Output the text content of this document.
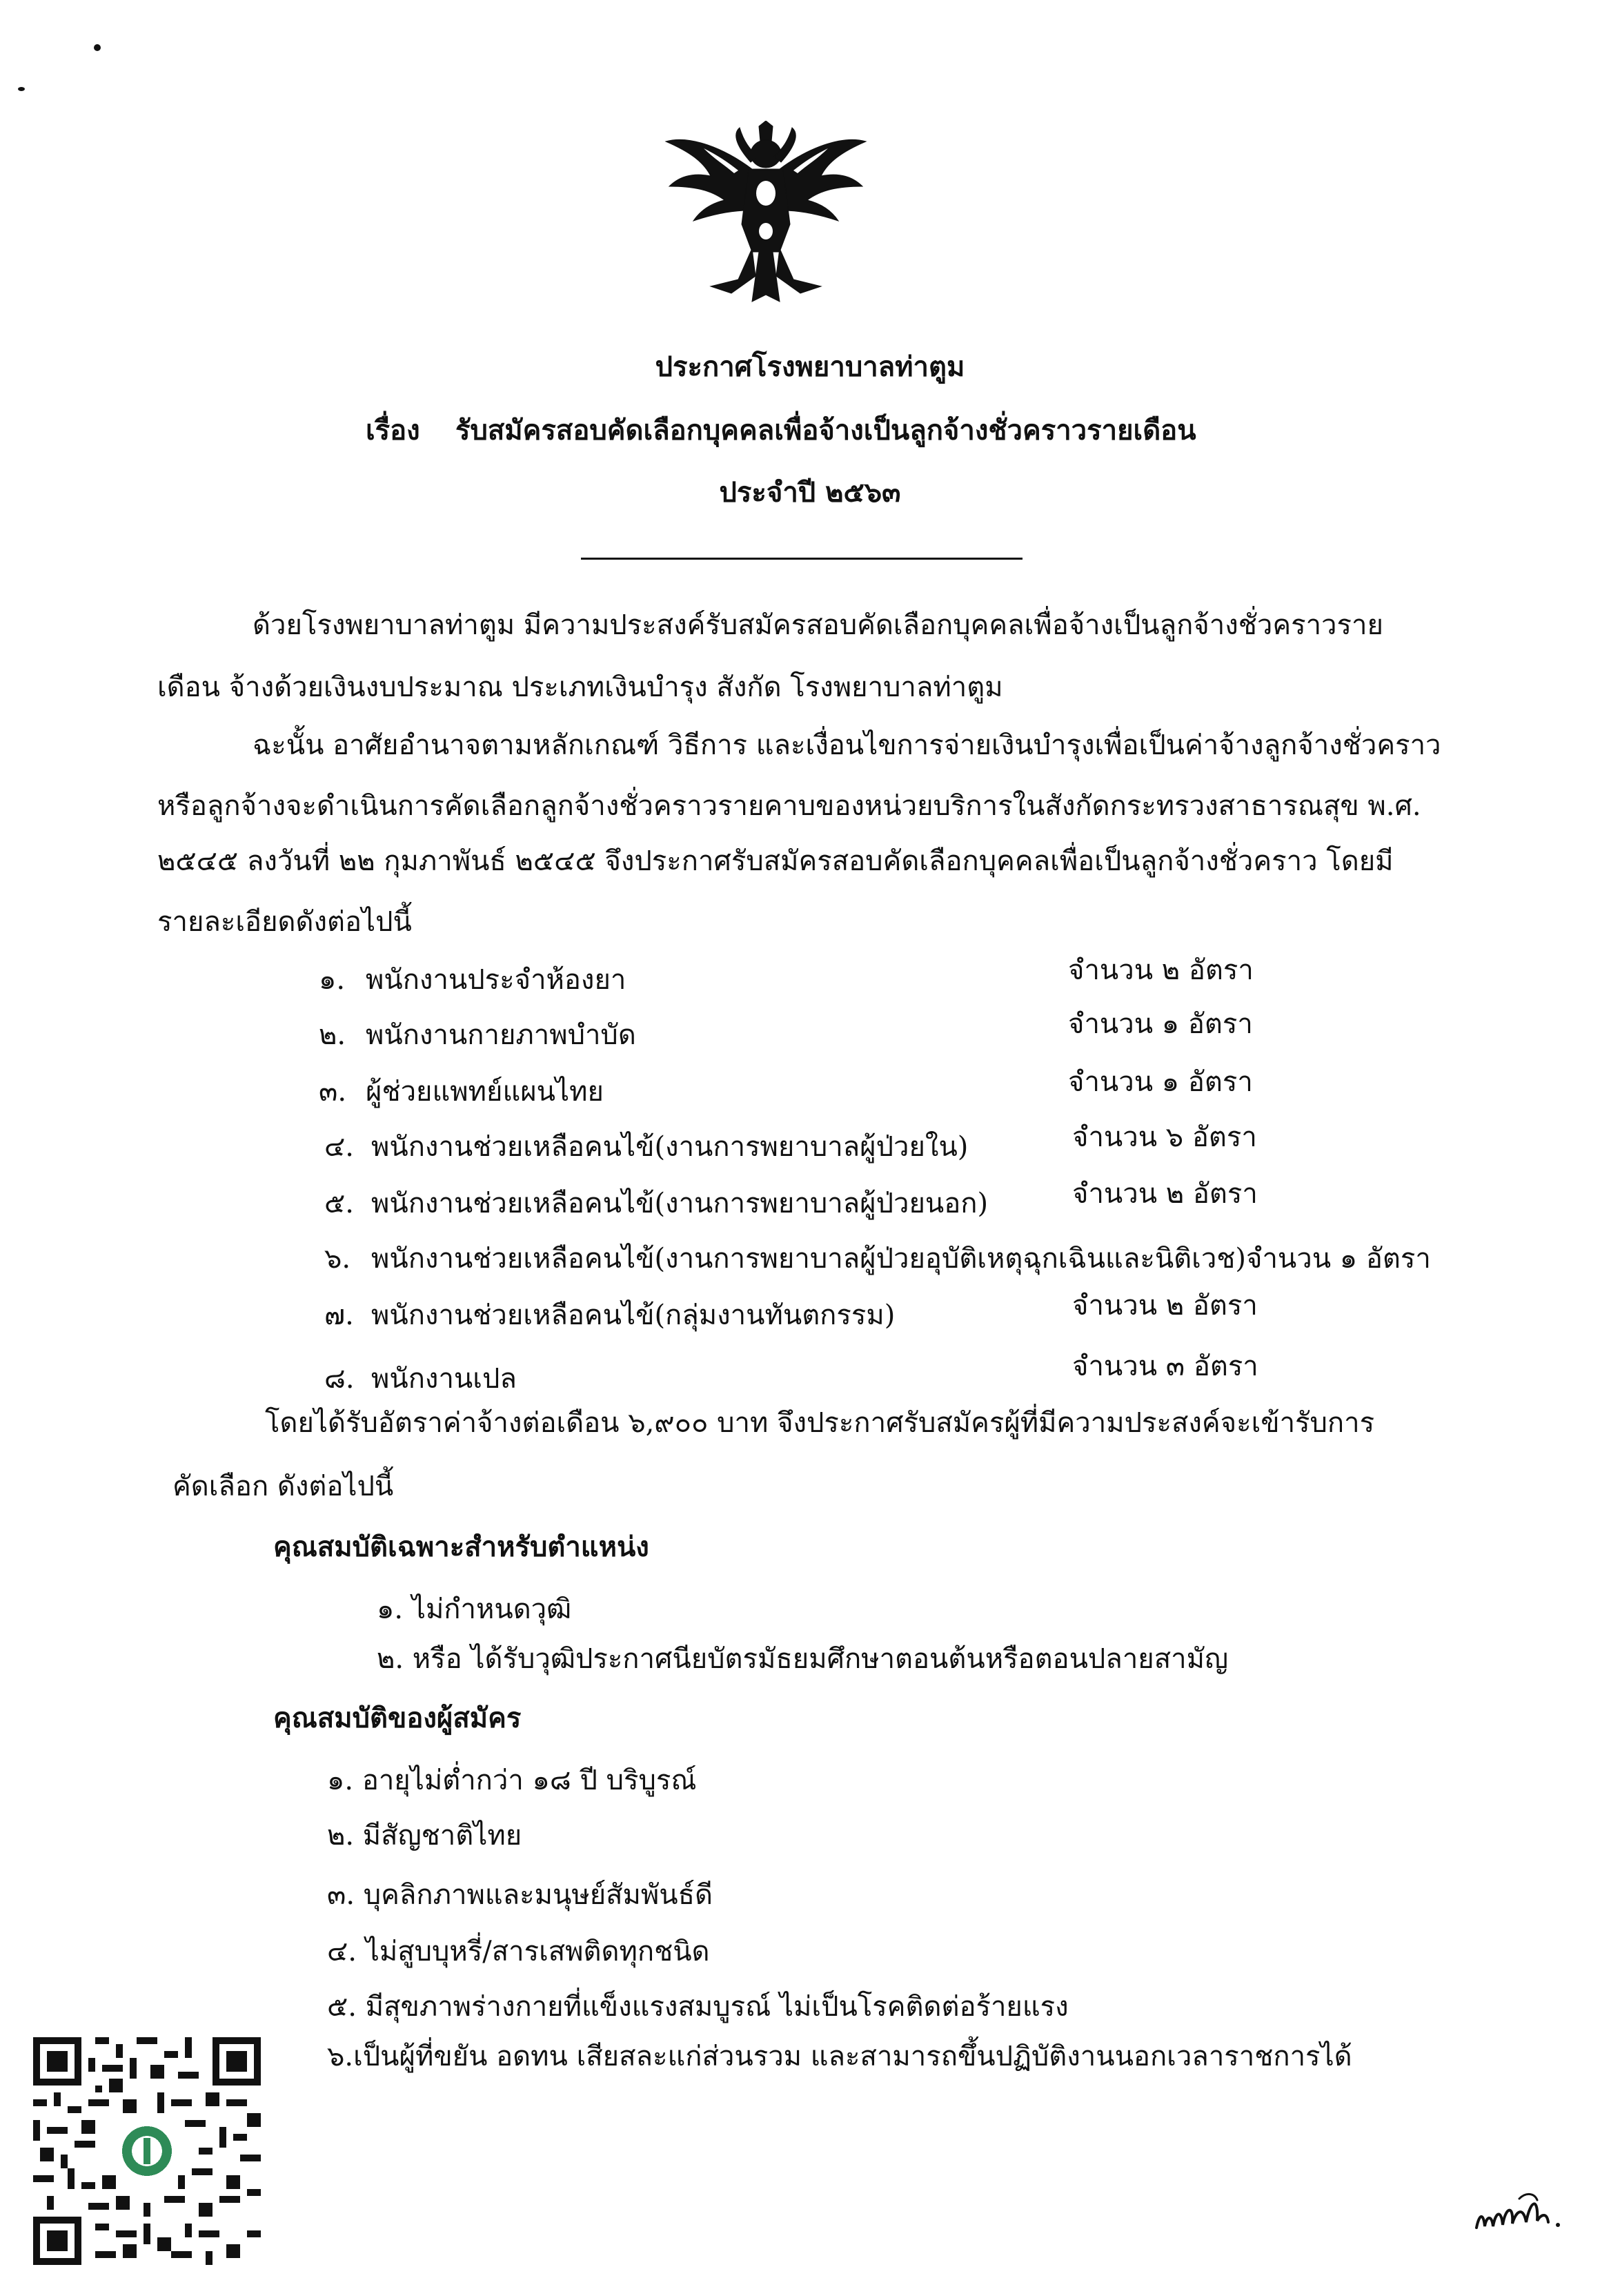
ประกาศโรงพยาบาลท่าตูม
เรื่อง รับสมัครสอบคัดเลือกบุคคลเพื่อจ้างเป็นลูกจ้างชั่วคราวรายเดือน
ประจำปี ๒๕๖๓
ด้วยโรงพยาบาลท่าตูม มีความประสงค์รับสมัครสอบคัดเลือกบุคคลเพื่อจ้างเป็นลูกจ้างชั่วคราวราย
เดือน จ้างด้วยเงินงบประมาณ ประเภทเงินบำรุง สังกัด โรงพยาบาลท่าตูม
ฉะนั้น อาศัยอำนาจตามหลักเกณฑ์ วิธีการ และเงื่อนไขการจ่ายเงินบำรุงเพื่อเป็นค่าจ้างลูกจ้างชั่วคราว
หรือลูกจ้างจะดำเนินการคัดเลือกลูกจ้างชั่วคราวรายคาบของหน่วยบริการในสังกัดกระทรวงสาธารณสุข พ.ศ.
๒๕๔๕ ลงวันที่ ๒๒ กุมภาพันธ์ ๒๕๔๕ จึงประกาศรับสมัครสอบคัดเลือกบุคคลเพื่อเป็นลูกจ้างชั่วคราว โดยมี
รายละเอียดดังต่อไปนี้
๑. พนักงานประจำห้องยา	จำนวน ๒ อัตรา
๒. พนักงานกายภาพบำบัด	จำนวน ๑ อัตรา
๓. ผู้ช่วยแพทย์แผนไทย	จำนวน ๑ อัตรา
๔. พนักงานช่วยเหลือคนไข้(งานการพยาบาลผู้ป่วยใน)	จำนวน ๖ อัตรา
๕. พนักงานช่วยเหลือคนไข้(งานการพยาบาลผู้ป่วยนอก)	จำนวน ๒ อัตรา
๖. พนักงานช่วยเหลือคนไข้(งานการพยาบาลผู้ป่วยอุบัติเหตุฉุกเฉินและนิติเวช)จำนวน ๑ อัตรา
๗. พนักงานช่วยเหลือคนไข้(กลุ่มงานทันตกรรม)	จำนวน ๒ อัตรา
๘. พนักงานเปล	จำนวน ๓ อัตรา
โดยได้รับอัตราค่าจ้างต่อเดือน ๖,๙๐๐ บาท จึงประกาศรับสมัครผู้ที่มีความประสงค์จะเข้ารับการ
คัดเลือก ดังต่อไปนี้
คุณสมบัติเฉพาะสำหรับตำแหน่ง
๑. ไม่กำหนดวุฒิ
๒. หรือ ได้รับวุฒิประกาศนียบัตรมัธยมศึกษาตอนต้นหรือตอนปลายสามัญ
คุณสมบัติของผู้สมัคร
๑. อายุไม่ต่ำกว่า ๑๘ ปี บริบูรณ์
๒. มีสัญชาติไทย
๓. บุคลิกภาพและมนุษย์สัมพันธ์ดี
๔. ไม่สูบบุหรี่/สารเสพติดทุกชนิด
๕. มีสุขภาพร่างกายที่แข็งแรงสมบูรณ์ ไม่เป็นโรคติดต่อร้ายแรง
๖.เป็นผู้ที่ขยัน อดทน เสียสละแก่ส่วนรวม และสามารถขึ้นปฏิบัติงานนอกเวลาราชการได้
